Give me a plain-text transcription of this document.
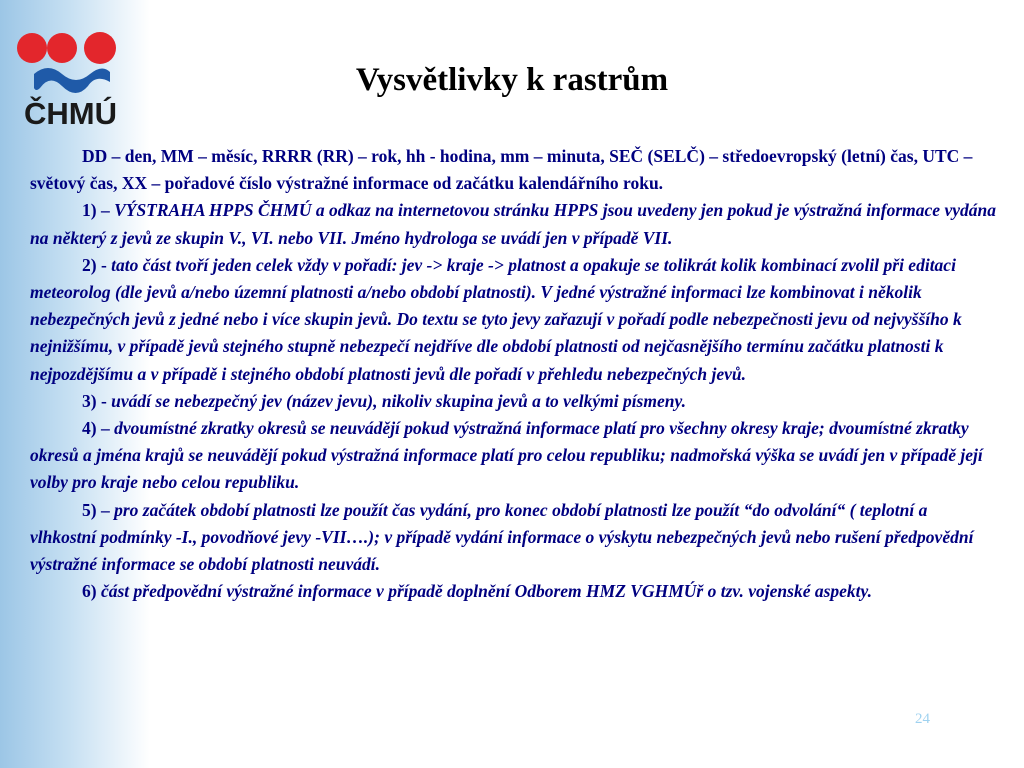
ČHMÚ
Vysvětlivky k rastrům

DD – den, MM – měsíc, RRRR (RR) – rok, hh - hodina, mm – minuta, SEČ (SELČ) – středoevropský (letní) čas, UTC – světový čas, XX – pořadové číslo výstražné informace od začátku kalendářního roku.

1) – VÝSTRAHA HPPS ČHMÚ a odkaz na internetovou stránku HPPS jsou uvedeny jen pokud je výstražná informace vydána na některý z jevů ze skupin V., VI. nebo VII. Jméno hydrologa se uvádí jen v případě VII.

2) - tato část tvoří jeden celek vždy v pořadí: jev -> kraje -> platnost a opakuje se tolikrát kolik kombinací zvolil při editaci meteorolog (dle jevů a/nebo územní platnosti a/nebo období platnosti). V jedné výstražné informaci lze kombinovat i několik nebezpečných jevů z jedné nebo i více skupin jevů. Do textu se tyto jevy zařazují v pořadí podle nebezpečnosti jevu od nejvyššího k nejnižšímu, v případě jevů stejného stupně nebezpečí nejdříve dle období platnosti od nejčasnějšího termínu začátku platnosti k nejpozdějšímu a v případě i stejného období platnosti jevů dle pořadí v přehledu nebezpečných jevů.

3) - uvádí se nebezpečný jev (název jevu), nikoliv skupina jevů a to velkými písmeny.

4) – dvoumístné zkratky okresů se neuvádějí pokud výstražná informace platí pro všechny okresy kraje; dvoumístné zkratky okresů a jména krajů se neuvádějí pokud výstražná informace platí pro celou republiku; nadmořská výška se uvádí jen v případě její volby pro kraje nebo celou republiku.

5) – pro začátek období platnosti lze použít čas vydání, pro konec období platnosti lze použít “do odvolání“ ( teplotní a vlhkostní podmínky -I., povodňové jevy -VII….); v případě vydání informace o výskytu nebezpečných jevů nebo rušení předpovědní výstražné informace se období platnosti neuvádí.

6) část předpovědní výstražné informace v případě doplnění Odborem HMZ VGHMÚř o tzv. vojenské aspekty.

24
